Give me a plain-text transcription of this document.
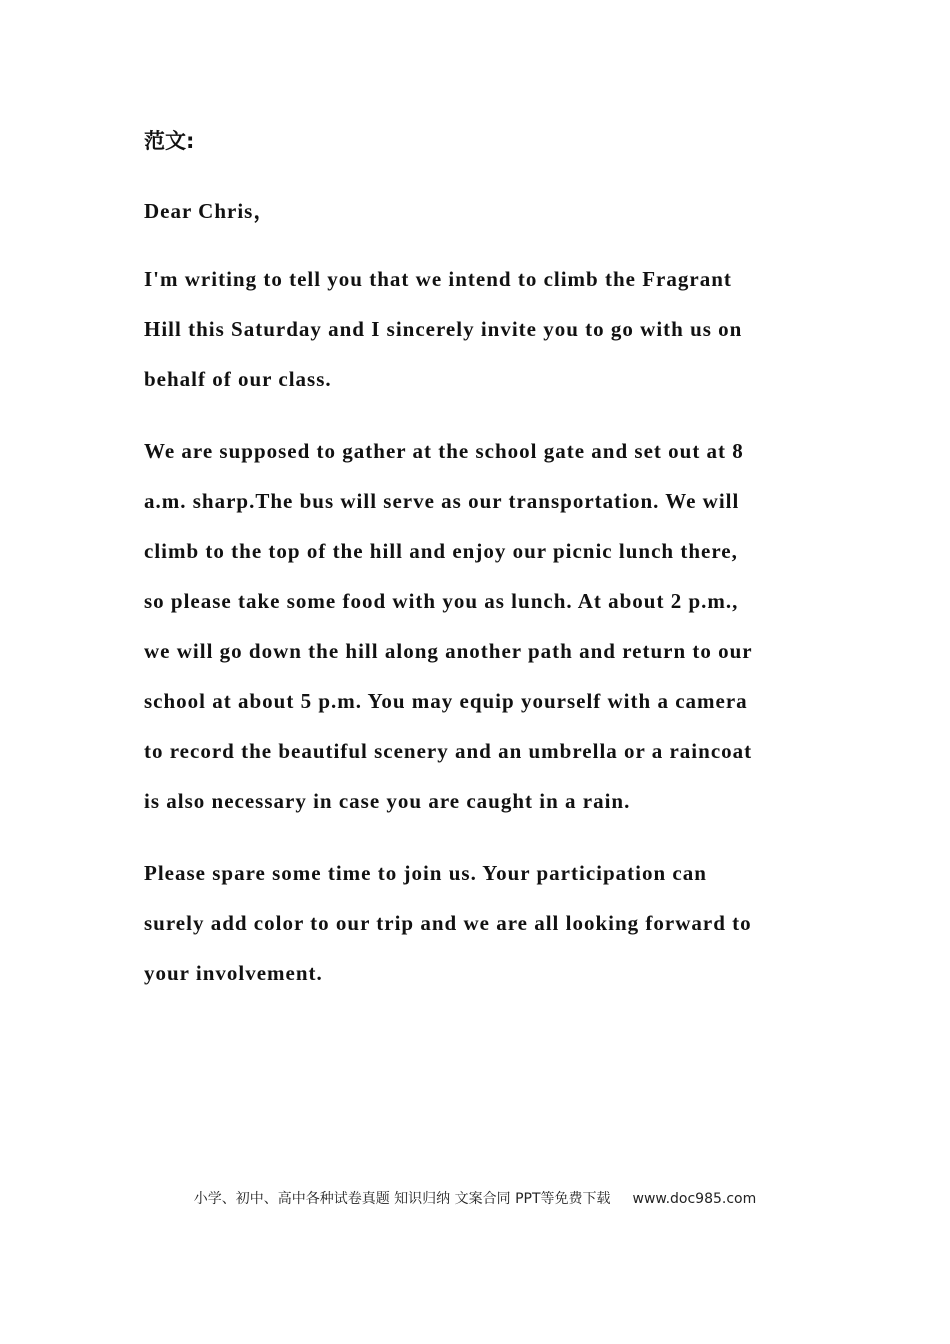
范文:
Dear Chris，
I'm writing to tell you that we intend to climb the Fragrant
Hill this Saturday and I sincerely invite you to go with us on
behalf of our class.
We are supposed to gather at the school gate and set out at 8
a.m. sharp.The bus will serve as our transportation. We will
climb to the top of the hill and enjoy our picnic lunch there,
so please take some food with you as lunch. At about 2 p.m.,
we will go down the hill along another path and return to our
school at about 5 p.m. You may equip yourself with a camera
to record the beautiful scenery and an umbrella or a raincoat
is also necessary in case you are caught in a rain.
Please spare some time to join us. Your participation can
surely add color to our trip and we are all looking forward to
your involvement.
小学、初中、高中各种试卷真题 知识归纳 文案合同 PPT等免费下载 www.doc985.com
